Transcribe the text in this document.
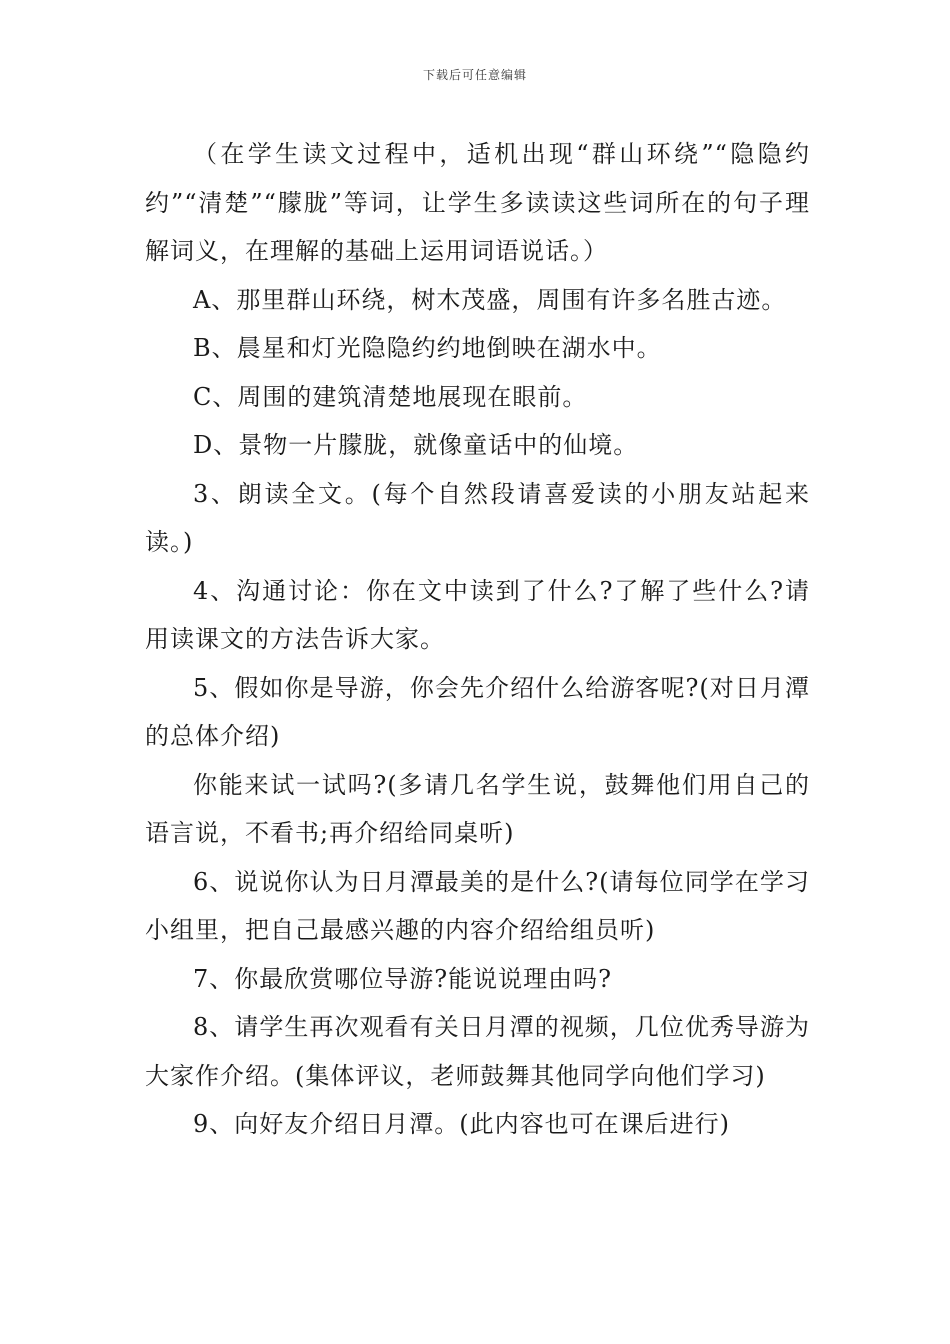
下载后可任意编辑

（在学生读文过程中，适机出现“群山环绕”“隐隐约约”“清楚”“朦胧”等词，让学生多读读这些词所在的句子理解词义，在理解的基础上运用词语说话。）

A、那里群山环绕，树木茂盛，周围有许多名胜古迹。

B、晨星和灯光隐隐约约地倒映在湖水中。

C、周围的建筑清楚地展现在眼前。

D、景物一片朦胧，就像童话中的仙境。

3、朗读全文。(每个自然段请喜爱读的小朋友站起来读。)

4、沟通讨论：你在文中读到了什么?了解了些什么?请用读课文的方法告诉大家。

5、假如你是导游，你会先介绍什么给游客呢?(对日月潭的总体介绍)

你能来试一试吗?(多请几名学生说，鼓舞他们用自己的语言说，不看书;再介绍给同桌听)

6、说说你认为日月潭最美的是什么?(请每位同学在学习小组里，把自己最感兴趣的内容介绍给组员听)

7、你最欣赏哪位导游?能说说理由吗?

8、请学生再次观看有关日月潭的视频，几位优秀导游为大家作介绍。(集体评议，老师鼓舞其他同学向他们学习)

9、向好友介绍日月潭。(此内容也可在课后进行)
